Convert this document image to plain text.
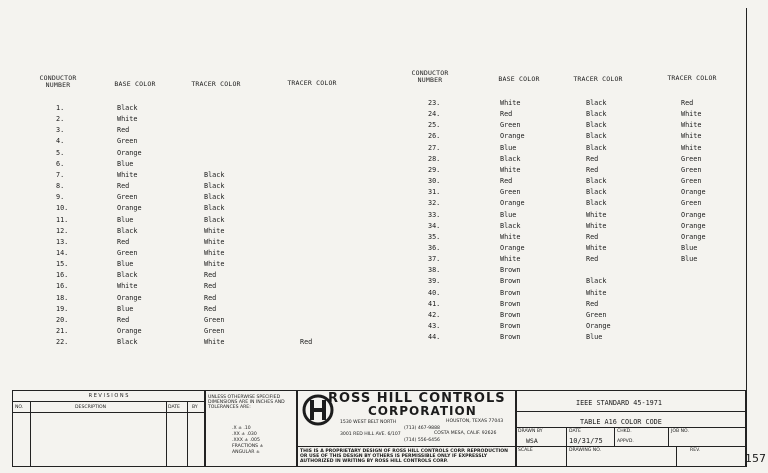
CONDUCTOR NUMBER	BASE COLOR	TRACER COLOR	TRACER COLOR
CONDUCTOR NUMBER	BASE COLOR	TRACER COLOR	TRACER COLOR
1.	Black
2.	White
3.	Red
4.	Green
5.	Orange
6.	Blue
7.	White	Black
8.	Red	Black
9.	Green	Black
10.	Orange	Black
11.	Blue	Black
12.	Black	White
13.	Red	White
14.	Green	White
15.	Blue	White
16.	Black	Red
16.	White	Red
18.	Orange	Red
19.	Blue	Red
20.	Red	Green
21.	Orange	Green
22.	Black	White	Red
23.	White	Black	Red
24.	Red	Black	White
25.	Green	Black	White
26.	Orange	Black	White
27.	Blue	Black	White
28.	Black	Red	Green
29.	White	Red	Green
30.	Red	Black	Green
31.	Green	Black	Orange
32.	Orange	Black	Green
33.	Blue	White	Orange
34.	Black	White	Orange
35.	White	Red	Orange
36.	Orange	White	Blue
37.	White	Red	Blue
38.	Brown
39.	Brown	Black
40.	Brown	White
41.	Brown	Red
42.	Brown	Green
43.	Brown	Orange
44.	Brown	Blue
R E V I S I O N S
NO.	DESCRIPTION	DATE	BY
UNLESS OTHERWISE SPECIFIED DIMENSIONS ARE IN INCHES AND TOLERANCES ARE:
.X ± .10
.XX ± .030
.XXX ± .005
FRACTIONS ±
ANGULAR ±
ROSS HILL CONTROLS
CORPORATION
1530 WEST BELT NORTH	HOUSTON, TEXAS 77043
(713) 467-9888
3001 RED HILL AVE. 6/107	COSTA MESA, CALIF. 92626
(714) 556-6456
THIS IS A PROPRIETARY DESIGN OF ROSS HILL CONTROLS CORP. REPRODUCTION OR USE OF THIS DESIGN BY OTHERS IS PERMISSIBLE ONLY IF EXPRESSLY AUTHORIZED IN WRITING BY ROSS HILL CONTROLS CORP.
IEEE STANDARD 45-1971
TABLE A16 COLOR CODE
DRAWN BY
WSA
DATE
10/31/75
CHKD.
APPVD.
JOB NO.
SCALE	DRAWING NO.	REV.
157
